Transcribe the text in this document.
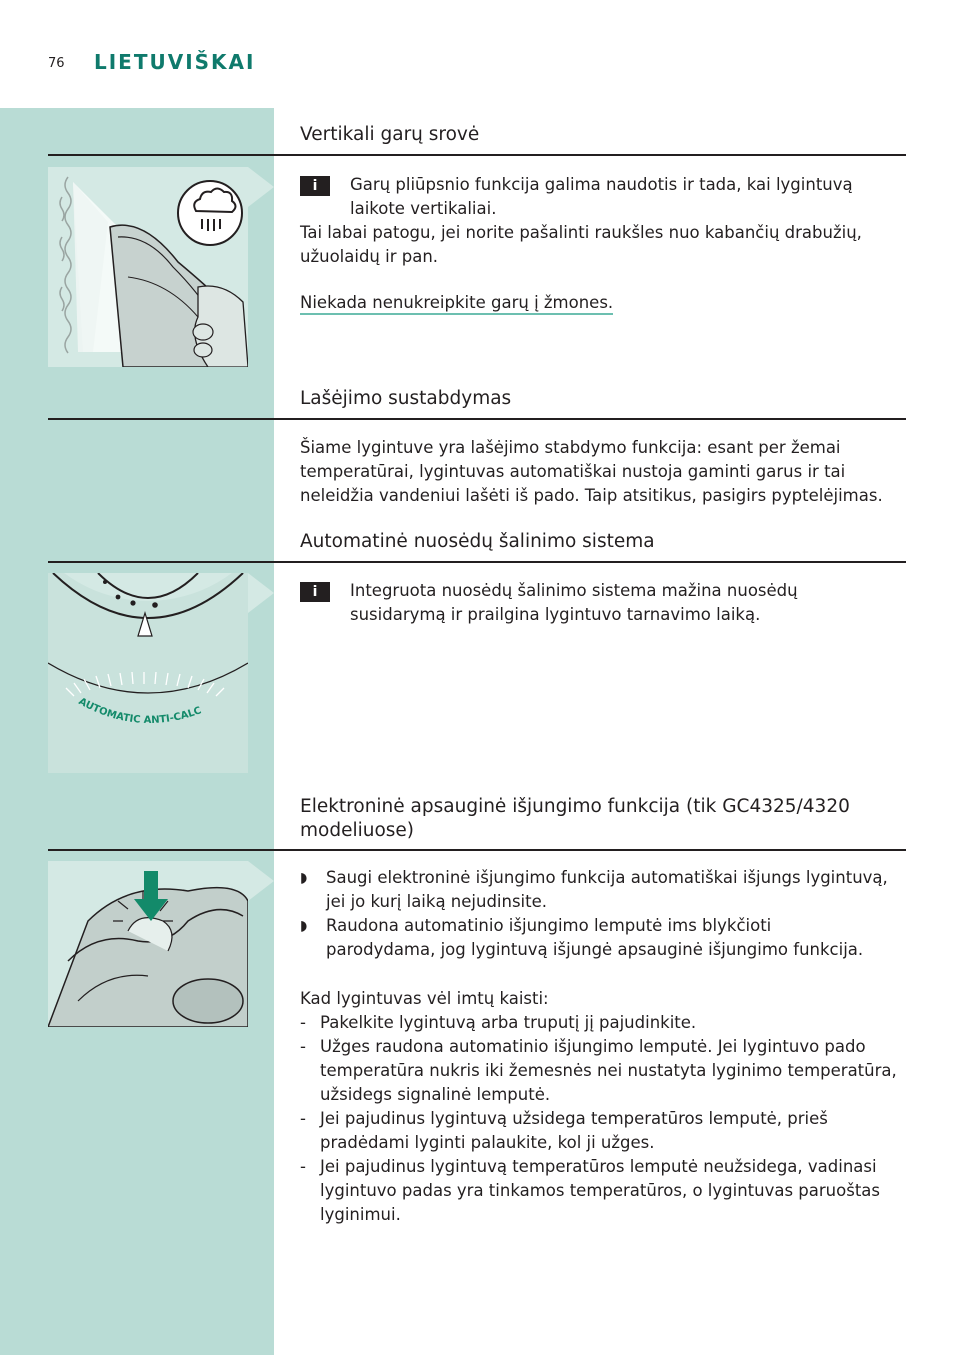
76 LIETUVIŠKAI
Vertikali garų srovė
i	Garų pliūpsnio funkcija galima naudotis ir tada, kai lygintuvą laikote vertikaliai.
Tai labai patogu, jei norite pašalinti raukšles nuo kabančių drabužių, užuolaidų ir pan.
Niekada nenukreipkite garų į žmones.
Lašėjimo sustabdymas
Šiame lygintuve yra lašėjimo stabdymo funkcija: esant per žemai temperatūrai, lygintuvas automatiškai nustoja gaminti garus ir tai neleidžia vandeniui lašėti iš pado. Taip atsitikus, pasigirs pyptelėjimas.
Automatinė nuosėdų šalinimo sistema
AUTOMATIC ANTI-CALC
i	Integruota nuosėdų šalinimo sistema mažina nuosėdų susidarymą ir prailgina lygintuvo tarnavimo laiką.
Elektroninė apsauginė išjungimo funkcija (tik GC4325/4320
modeliuose)
◗ Saugi elektroninė išjungimo funkcija automatiškai išjungs lygintuvą, jei jo kurį laiką nejudinsite.
◗ Raudona automatinio išjungimo lemputė ims blykčioti parodydama, jog lygintuvą išjungė apsauginė išjungimo funkcija.
Kad lygintuvas vėl imtų kaisti:
- Pakelkite lygintuvą arba truputį jį pajudinkite.
- Užges raudona automatinio išjungimo lemputė. Jei lygintuvo pado temperatūra nukris iki žemesnės nei nustatyta lyginimo temperatūra, užsidegs signalinė lemputė.
- Jei pajudinus lygintuvą užsidega temperatūros lemputė, prieš pradėdami lyginti palaukite, kol ji užges.
- Jei pajudinus lygintuvą temperatūros lemputė neužsidega, vadinasi lygintuvo padas yra tinkamos temperatūros, o lygintuvas paruoštas lyginimui.
